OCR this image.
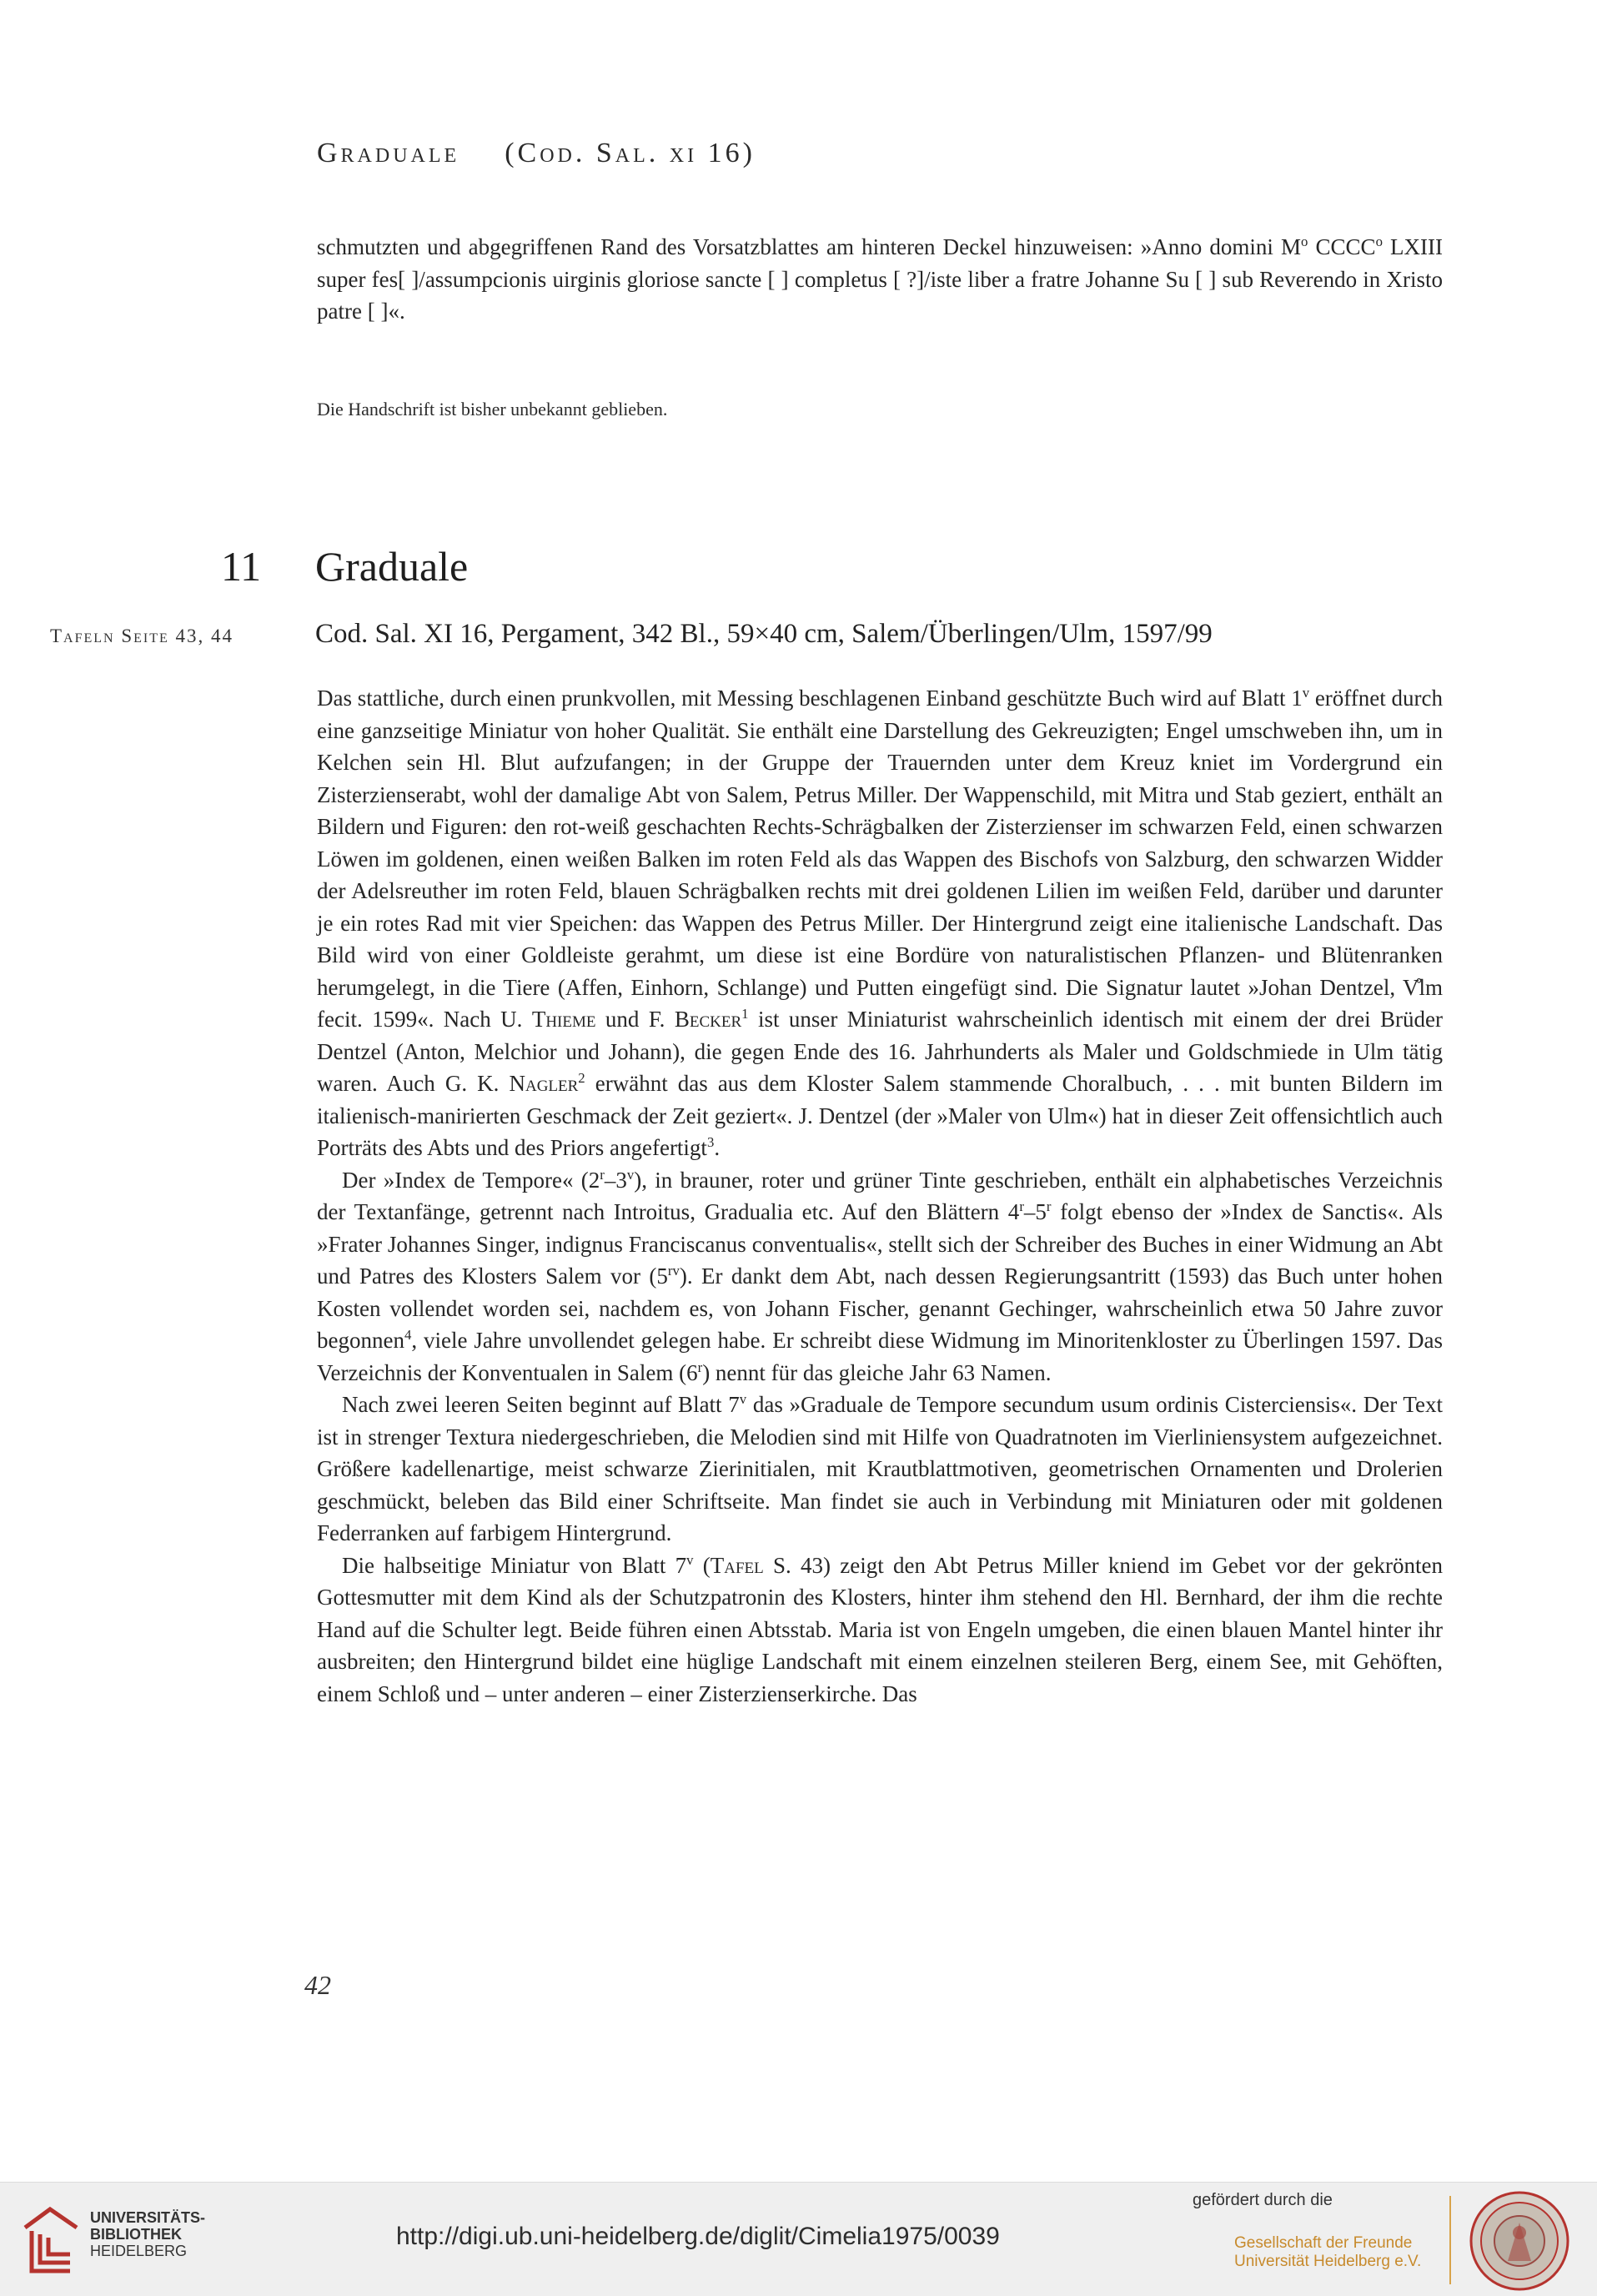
Graduale (Cod. Sal. xi 16)
schmutzten und abgegriffenen Rand des Vorsatzblattes am hinteren Deckel hinzuweisen: »Anno domini $M^o$ CCCC$^o$ LXIII super fes[ ]/assumpcionis uirginis gloriose sancte [ ] completus [ ?]/iste liber a fratre Johanne Su [ ] sub Reverendo in Xristo patre [ ]«.
Die Handschrift ist bisher unbekannt geblieben.
11 Graduale
Tafeln Seite 43, 44	Cod. Sal. XI 16, Pergament, 342 Bl., 59×40 cm, Salem/Überlingen/Ulm, 1597/99

Das stattliche, durch einen prunkvollen, mit Messing beschlagenen Einband geschützte Buch wird auf Blatt 1$^v$ eröffnet durch eine ganzseitige Miniatur von hoher Qualität. Sie enthält eine Darstellung des Gekreuzigten; Engel umschweben ihn, um in Kelchen sein Hl. Blut aufzufangen; in der Gruppe der Trauernden unter dem Kreuz kniet im Vordergrund ein Zisterzienserabt, wohl der damalige Abt von Salem, Petrus Miller. Der Wappenschild, mit Mitra und Stab geziert, enthält an Bildern und Figuren: den rot-weiß geschachten Rechts-Schrägbalken der Zisterzienser im schwarzen Feld, einen schwarzen Löwen im goldenen, einen weißen Balken im roten Feld als das Wappen des Bischofs von Salzburg, den schwarzen Widder der Adelsreuther im roten Feld, blauen Schrägbalken rechts mit drei goldenen Lilien im weißen Feld, darüber und darunter je ein rotes Rad mit vier Speichen: das Wappen des Petrus Miller. Der Hintergrund zeigt eine italienische Landschaft. Das Bild wird von einer Goldleiste gerahmt, um diese ist eine Bordüre von naturalistischen Pflanzen- und Blütenranken herumgelegt, in die Tiere (Affen, Einhorn, Schlange) und Putten eingefügt sind. Die Signatur lautet »Johan Dentzel, V̊lm fecit. 1599«. Nach U. Thieme und F. Becker$^1$ ist unser Miniaturist wahrscheinlich identisch mit einem der drei Brüder Dentzel (Anton, Melchior und Johann), die gegen Ende des 16. Jahrhunderts als Maler und Goldschmiede in Ulm tätig waren. Auch G. K. Nagler$^2$ erwähnt das aus dem Kloster Salem stammende Choralbuch, . . . mit bunten Bildern im italienisch-manirierten Geschmack der Zeit geziert«. J. Dentzel (der »Maler von Ulm«) hat in dieser Zeit offensichtlich auch Porträts des Abts und des Priors angefertigt$^3$.

Der »Index de Tempore« (2$^r$–3$^v$), in brauner, roter und grüner Tinte geschrieben, enthält ein alphabetisches Verzeichnis der Textanfänge, getrennt nach Introitus, Gradualia etc. Auf den Blättern 4$^r$–5$^r$ folgt ebenso der »Index de Sanctis«. Als »Frater Johannes Singer, indignus Franciscanus conventualis«, stellt sich der Schreiber des Buches in einer Widmung an Abt und Patres des Klosters Salem vor $(5^{rv})$. Er dankt dem Abt, nach dessen Regierungsantritt (1593) das Buch unter hohen Kosten vollendet worden sei, nachdem es, von Johann Fischer, genannt Gechinger, wahrscheinlich etwa 50 Jahre zuvor begonnen$^4$, viele Jahre unvollendet gelegen habe. Er schreibt diese Widmung im Minoritenkloster zu Überlingen 1597. Das Verzeichnis der Konventualen in Salem (6$^r$) nennt für das gleiche Jahr 63 Namen.

Nach zwei leeren Seiten beginnt auf Blatt 7$^v$ das »Graduale de Tempore secundum usum ordinis Cisterciensis«. Der Text ist in strenger Textura niedergeschrieben, die Melodien sind mit Hilfe von Quadratnoten im Vierliniensystem aufgezeichnet. Größere kadellenartige, meist schwarze Zierinitialen, mit Krautblattmotiven, geometrischen Ornamenten und Drolerien geschmückt, beleben das Bild einer Schriftseite. Man findet sie auch in Verbindung mit Miniaturen oder mit goldenen Federranken auf farbigem Hintergrund.

Die halbseitige Miniatur von Blatt 7$^v$ (Tafel S. 43) zeigt den Abt Petrus Miller kniend im Gebet vor der gekrönten Gottesmutter mit dem Kind als der Schutzpatronin des Klosters, hinter ihm stehend den Hl. Bernhard, der ihm die rechte Hand auf die Schulter legt. Beide führen einen Abtsstab. Maria ist von Engeln umgeben, die einen blauen Mantel hinter ihr ausbreiten; den Hintergrund bildet eine hüglige Landschaft mit einem einzelnen steileren Berg, einem See, mit Gehöften, einem Schloß und – unter anderen – einer Zisterzienserkirche. Das

42
UNIVERSITÄTS-
BIBLIOTHEK
HEIDELBERG
http://digi.ub.uni-heidelberg.de/diglit/Cimelia1975/0039
gefördert durch die
Gesellschaft der Freunde
Universität Heidelberg e.V.
